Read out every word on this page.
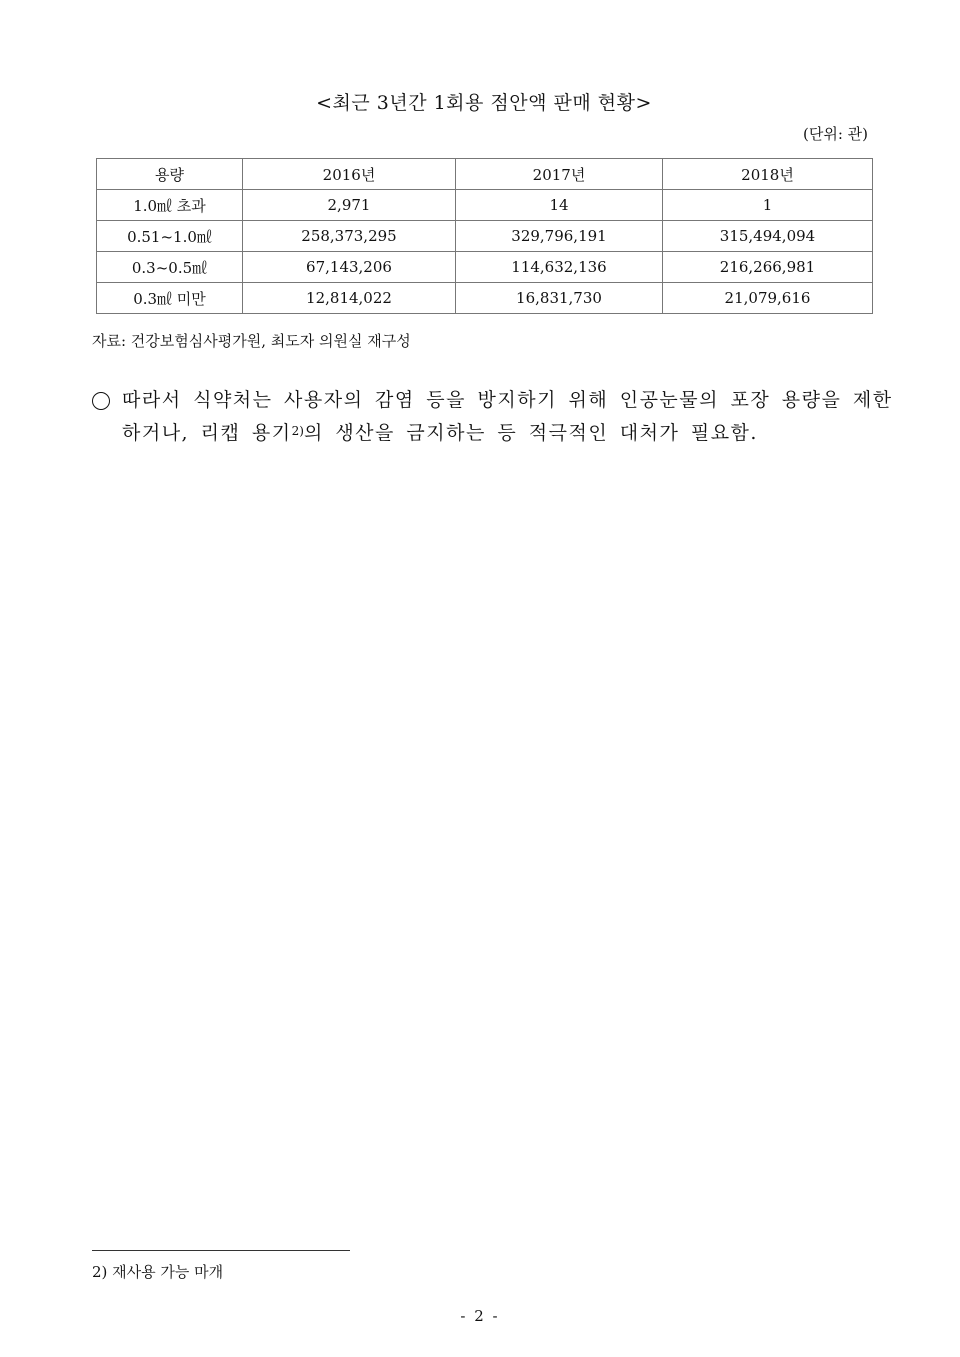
<최근 3년간 1회용 점안액 판매 현황>
(단위: 관)
용량	2016년	2017년	2018년
1.0㎖ 초과	2,971	14	1
0.51~1.0㎖	258,373,295	329,796,191	315,494,094
0.3~0.5㎖	67,143,206	114,632,136	216,266,981
0.3㎖ 미만	12,814,022	16,831,730	21,079,616
자료: 건강보험심사평가원, 최도자 의원실 재구성
따라서 식약처는 사용자의 감염 등을 방지하기 위해 인공눈물의 포장 용량을 제한
하거나, 리캡 용기$^{2)}$의 생산을 금지하는 등 적극적인 대처가 필요함.
2) 재사용 가능 마개
- 2 -
